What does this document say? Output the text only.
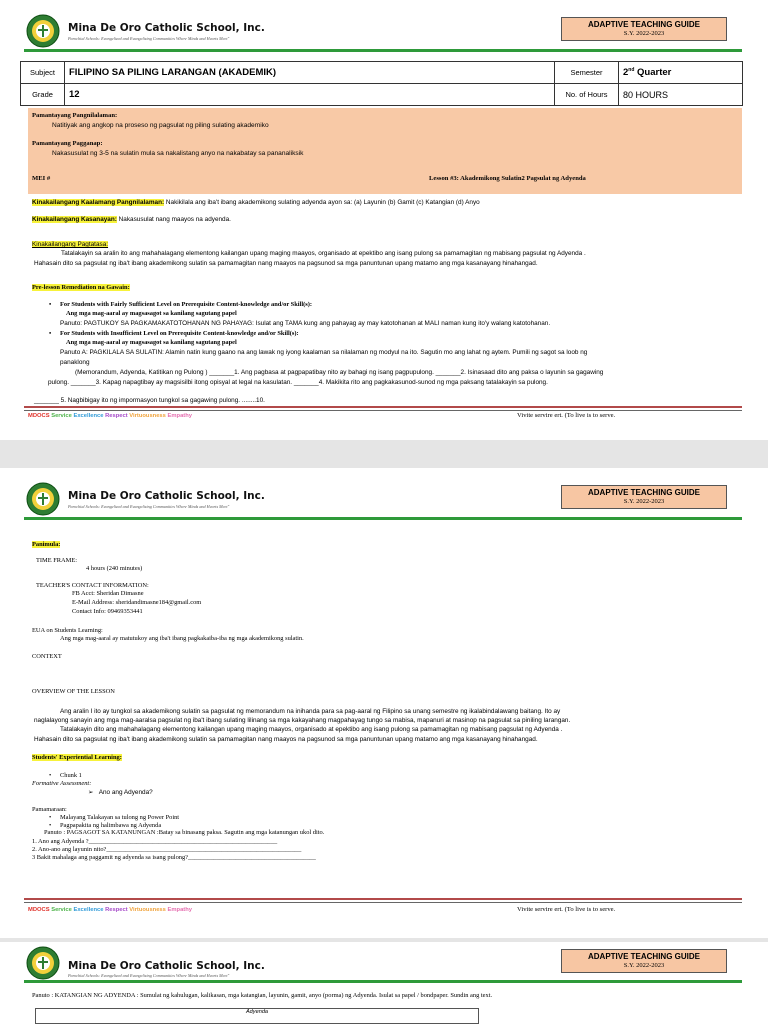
Mina De Oro Catholic School, Inc.
Parochial Schools: Evangelized and Evangelizing Communities Where Minds and Hearts Meet"
ADAPTIVE TEACHING GUIDE
S.Y. 2022-2023
Subject	FILIPINO SA PILING LARANGAN (AKADEMIK)	Semester	2nd Quarter
Grade	12	No. of Hours	80 HOURS
Pamantayang Pangnilalaman:
Natitiyak ang angkop na proseso ng pagsulat ng piling sulating akademiko
Pamantayang Pagganap:
Nakasusulat ng 3-5 na sulatin mula sa nakalistang anyo na nakabatay sa pananaliksik
MEI #	Lesson #3: Akademikong Sulatin2 Pagsulat ng Adyenda
Kinakailangang Kaalamang Pangnilalaman: Nakikilala ang iba't ibang akademikong sulating adyenda ayon sa: (a) Layunin (b) Gamit (c) Katangian (d) Anyo
Kinakailangang Kasanayan: Nakasusulat nang maayos na adyenda.
Kinakailangang Pagtatasa:
Tatalakayin sa aralin ito ang mahahalagang elementong kailangan upang maging maayos, organisado at epektibo ang isang pulong sa pamamagitan ng mabisang pagsulat ng Adyenda .
Hahasain dito sa pagsulat ng iba't ibang akademikong sulatin sa pamamagitan nang maayos na pagsunod sa mga panuntunan upang matamo ang mga kasanayang hinahangad.
Pre-lesson Remediation na Gawain:
• For Students with Fairly Sufficient Level on Prerequisite Content-knowledge and/or Skill(s):
Ang mga mag-aaral ay magsasagot sa kanilang sagutang papel
Panuto: PAGTUKOY SA PAGKAMAKATOTOHANAN NG PAHAYAG: Isulat ang TAMA kung ang pahayag ay may katotohanan at MALI naman kung ito'y walang katotohanan.
• For Students with Insufficient Level on Prerequisite Content-knowledge and/or Skill(s):
Ang mga mag-aaral ay magsasagot sa kanilang sagutang papel
Panuto A: PAGKILALA SA SULATIN: Alamin natin kung gaano na ang lawak ng iyong kaalaman sa nilalaman ng modyul na ito. Sagutin mo ang lahat ng aytem. Pumili ng sagot sa loob ng
panaklong
(Memorandum, Adyenda, Katitikan ng Pulong ) _______1. Ang pagbasa at pagpapatibay nito ay bahagi ng isang pagpupulong. _______2. Isinasaad dito ang paksa o layunin sa gagawing
pulong. _______3. Kapag napagtibay ay magsisilbi itong opisyal at legal na kasulatan. _______4. Makikita rito ang pagkakasunod-sunod ng mga paksang tatalakayin sa pulong.
_______ 5. Nagbibigay ito ng impormasyon tungkol sa gagawing pulong. ........10.
MDOCS Service Excellence Respect Virtuousness Empathy	Vivite servire ert. (To live is to serve.
Mina De Oro Catholic School, Inc.
Parochial Schools: Evangelized and Evangelizing Communities Where Minds and Hearts Meet"
ADAPTIVE TEACHING GUIDE
S.Y. 2022-2023
Panimula:
TIME FRAME:
4 hours (240 minutes)
TEACHER'S CONTACT INFORMATION:
FB Acct: Sheridan Dimasne
E-Mail Address: sheridandimasne184@gmail.com
Contact Info: 09469353441
EUA on Students Learning:
Ang mga mag-aaral ay matutukoy ang iba't ibang pagkakaiba-iba ng mga akademikong sulatin.
CONTEXT
OVERVIEW OF THE LESSON
Ang aralin I ito ay tungkol sa akademikong sulatin sa pagsulat ng memorandum na inihanda para sa pag-aaral ng Filipino sa unang semestre ng ikalabindalawang baitang. Ito ay
naglalayong sanayin ang mga mag-aaralsa pagsulat ng iba't ibang sulating lilinang sa mga kakayahang magpahayag tungo sa mabisa, mapanuri at masinop na pagsulat sa piniling larangan.
Tatalakayin dito ang mahahalagang elementong kailangan upang maging maayos, organisado at epektibo ang isang pulong sa pamamagitan ng mabisang pagsulat ng Adyenda .
Hahasain dito sa pagsulat ng iba't ibang akademikong sulatin sa pamamagitan nang maayos na pagsunod sa mga panuntunan upang matamo ang mga kasanayang hinahangad.
Students' Experiential Learning:
• Chunk 1
Formative Assessment:
➢   Ano ang Adyenda?
Pamamaraan:
• Malayang Talakayan sa tulong ng Power Point
• Pagpapakita ng halimbawa ng Adyenda
Panuto : PAGSAGOT SA KATANUNGAN :Batay sa binasang paksa. Sagutin ang mga katanungan ukol dito.
1. Ano ang Adyenda ?___________________________________________________________
2. Ano-ano ang layunin nito?_____________________________________________________________
3 Bakit mahalaga ang paggamit ng adyenda sa isang pulong?________________________________________
MDOCS Service Excellence Respect Virtuousness Empathy	Vivite servire ert. (To live is to serve.
Mina De Oro Catholic School, Inc.
Parochial Schools: Evangelized and Evangelizing Communities Where Minds and Hearts Meet"
ADAPTIVE TEACHING GUIDE
S.Y. 2022-2023
Panuto : KATANGIAN NG ADYENDA : Sumulat ng kahulugan, kalikasan, mga katangian, layunin, gamit, anyo (porma) ng Adyenda. Isulat sa papel / bondpaper. Sundin ang text.
Adyenda
